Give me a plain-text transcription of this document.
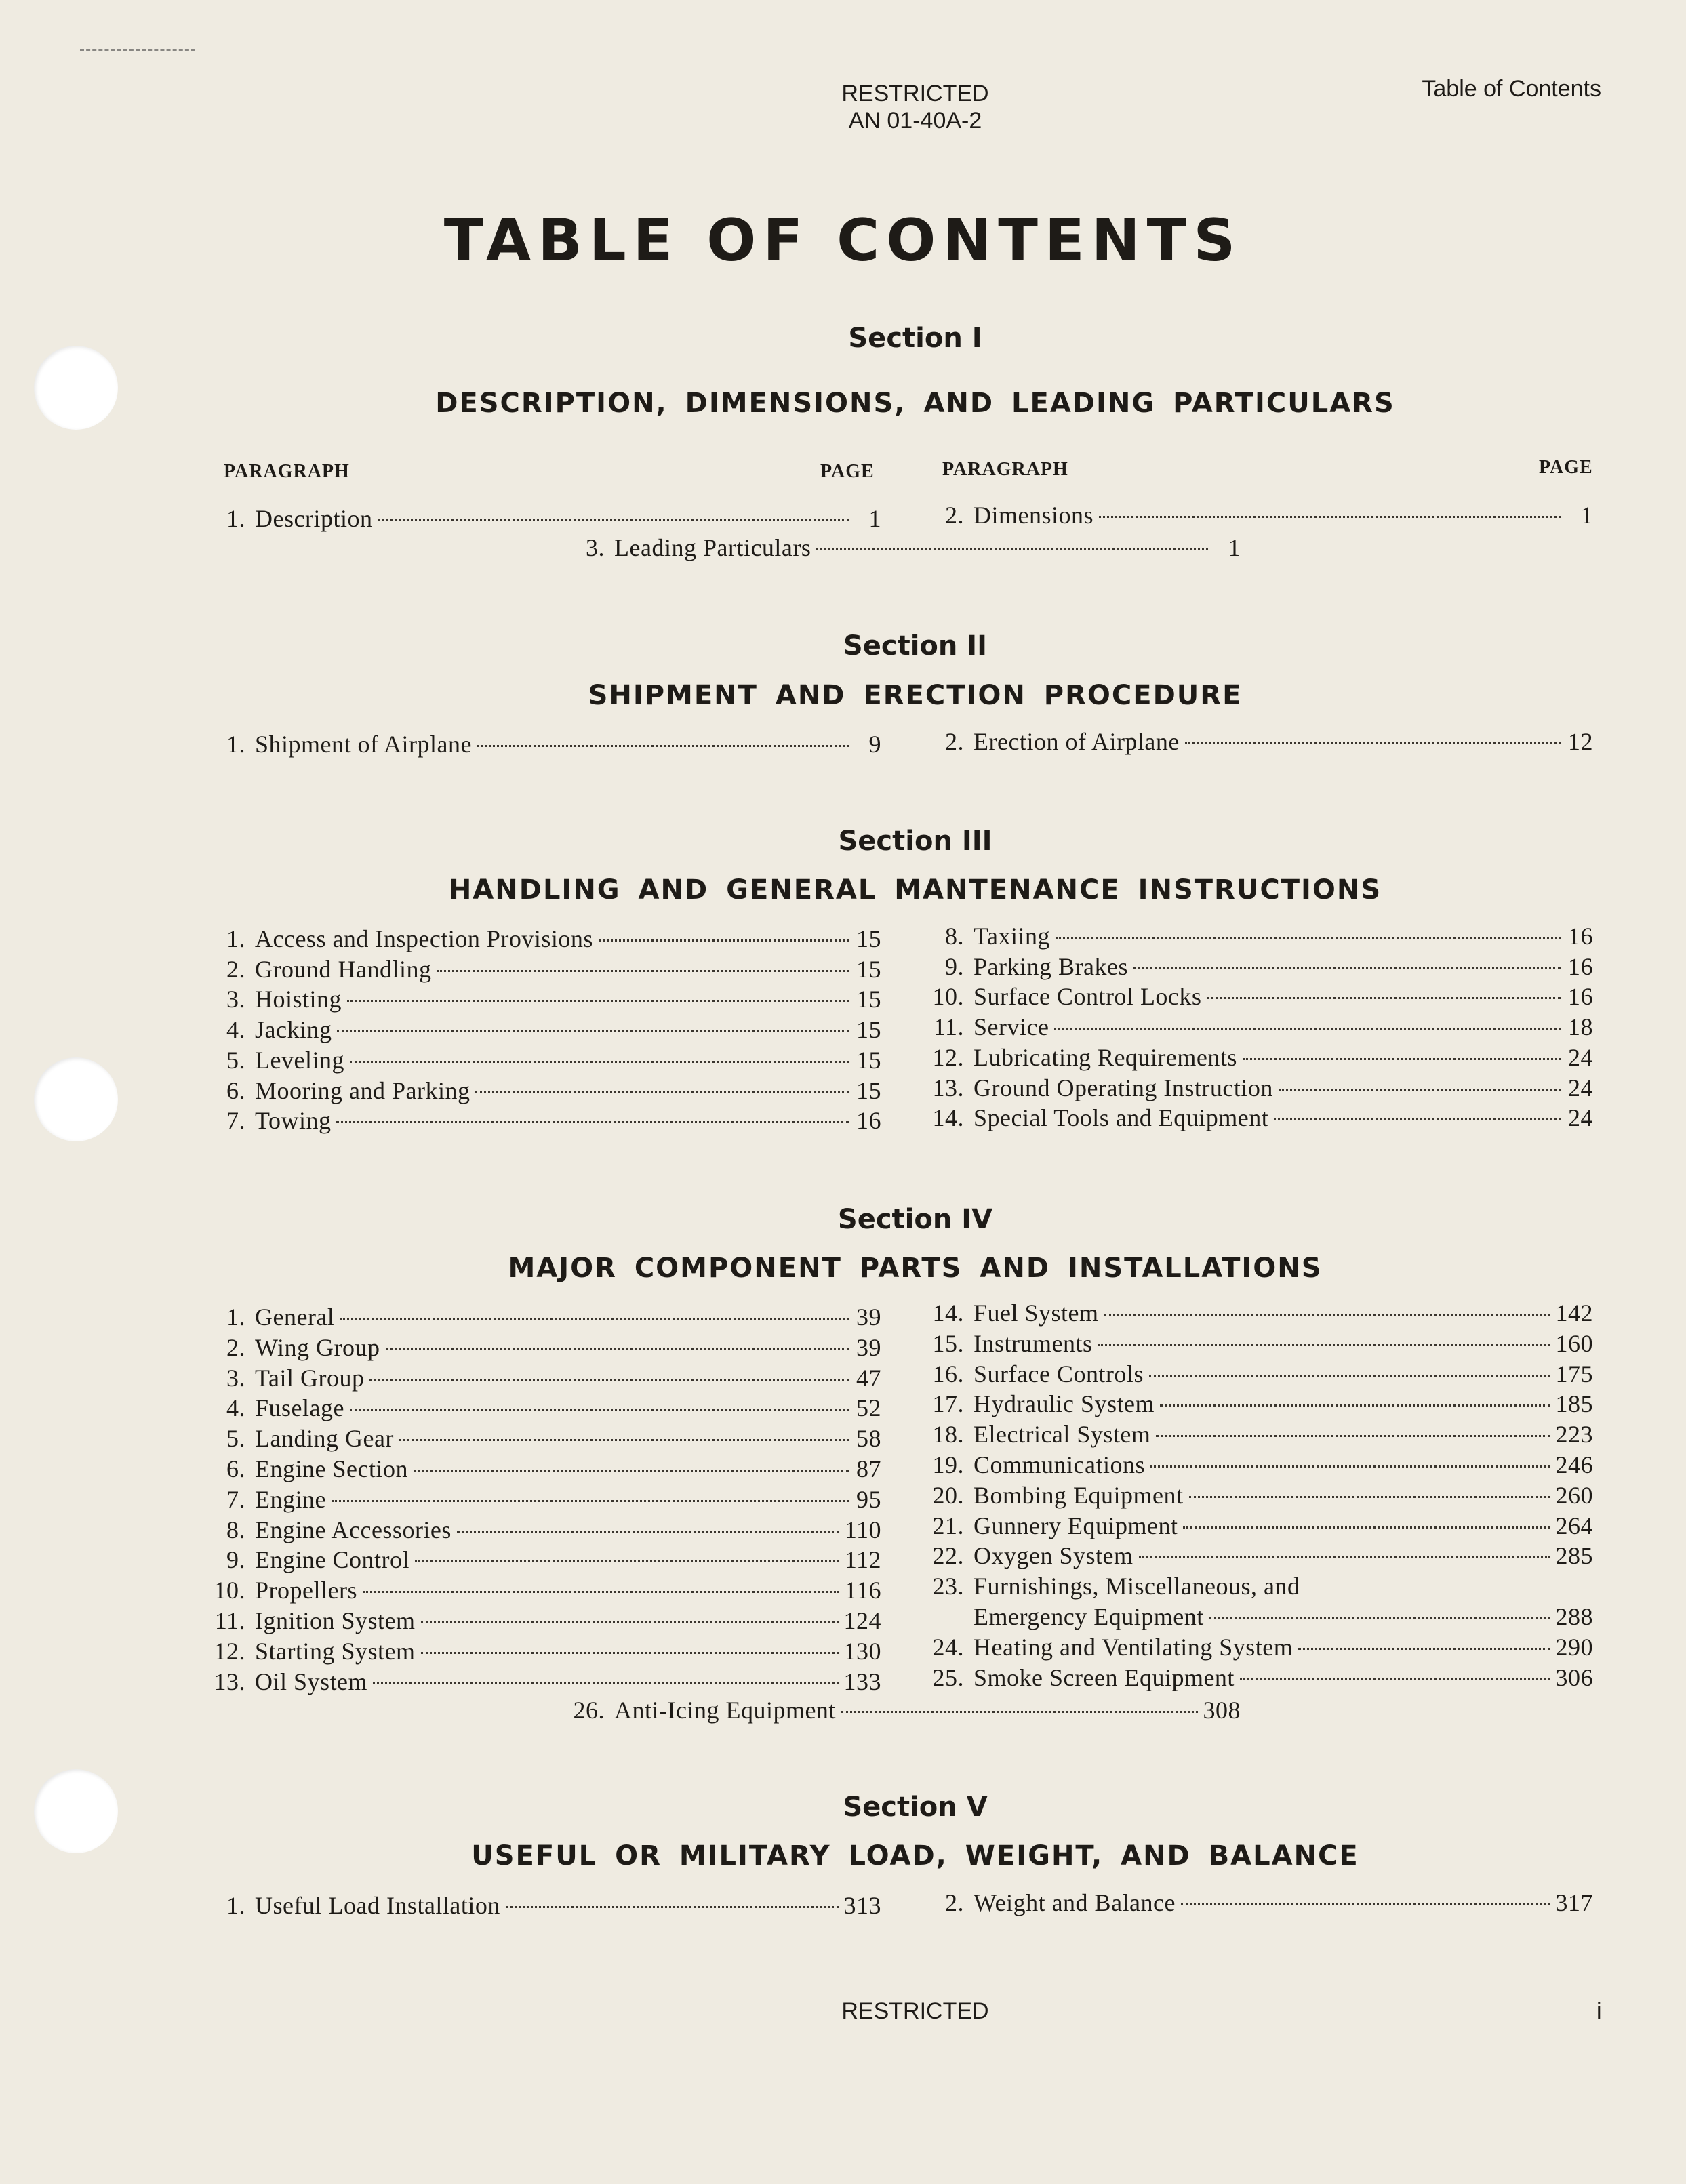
RESTRICTED
AN 01-40A-2
Table of Contents
TABLE OF CONTENTS
Section I
DESCRIPTION, DIMENSIONS, AND LEADING PARTICULARS
PARAGRAPH	PAGE	PARAGRAPH	PAGE
1. Description	1	2. Dimensions	1
3. Leading Particulars	1
Section II
SHIPMENT AND ERECTION PROCEDURE
1. Shipment of Airplane	9	2. Erection of Airplane	12
Section III
HANDLING AND GENERAL MANTENANCE INSTRUCTIONS
1. Access and Inspection Provisions	15
2. Ground Handling	15
3. Hoisting	15
4. Jacking	15
5. Leveling	15
6. Mooring and Parking	15
7. Towing	16
8. Taxiing	16
9. Parking Brakes	16
10. Surface Control Locks	16
11. Service	18
12. Lubricating Requirements	24
13. Ground Operating Instruction	24
14. Special Tools and Equipment	24
Section IV
MAJOR COMPONENT PARTS AND INSTALLATIONS
1. General	39
2. Wing Group	39
3. Tail Group	47
4. Fuselage	52
5. Landing Gear	58
6. Engine Section	87
7. Engine	95
8. Engine Accessories	110
9. Engine Control	112
10. Propellers	116
11. Ignition System	124
12. Starting System	130
13. Oil System	133
14. Fuel System	142
15. Instruments	160
16. Surface Controls	175
17. Hydraulic System	185
18. Electrical System	223
19. Communications	246
20. Bombing Equipment	260
21. Gunnery Equipment	264
22. Oxygen System	285
23. Furnishings, Miscellaneous, and
Emergency Equipment	288
24. Heating and Ventilating System	290
25. Smoke Screen Equipment	306
26. Anti-Icing Equipment	308
Section V
USEFUL OR MILITARY LOAD, WEIGHT, AND BALANCE
1. Useful Load Installation	313	2. Weight and Balance	317
RESTRICTED	i
